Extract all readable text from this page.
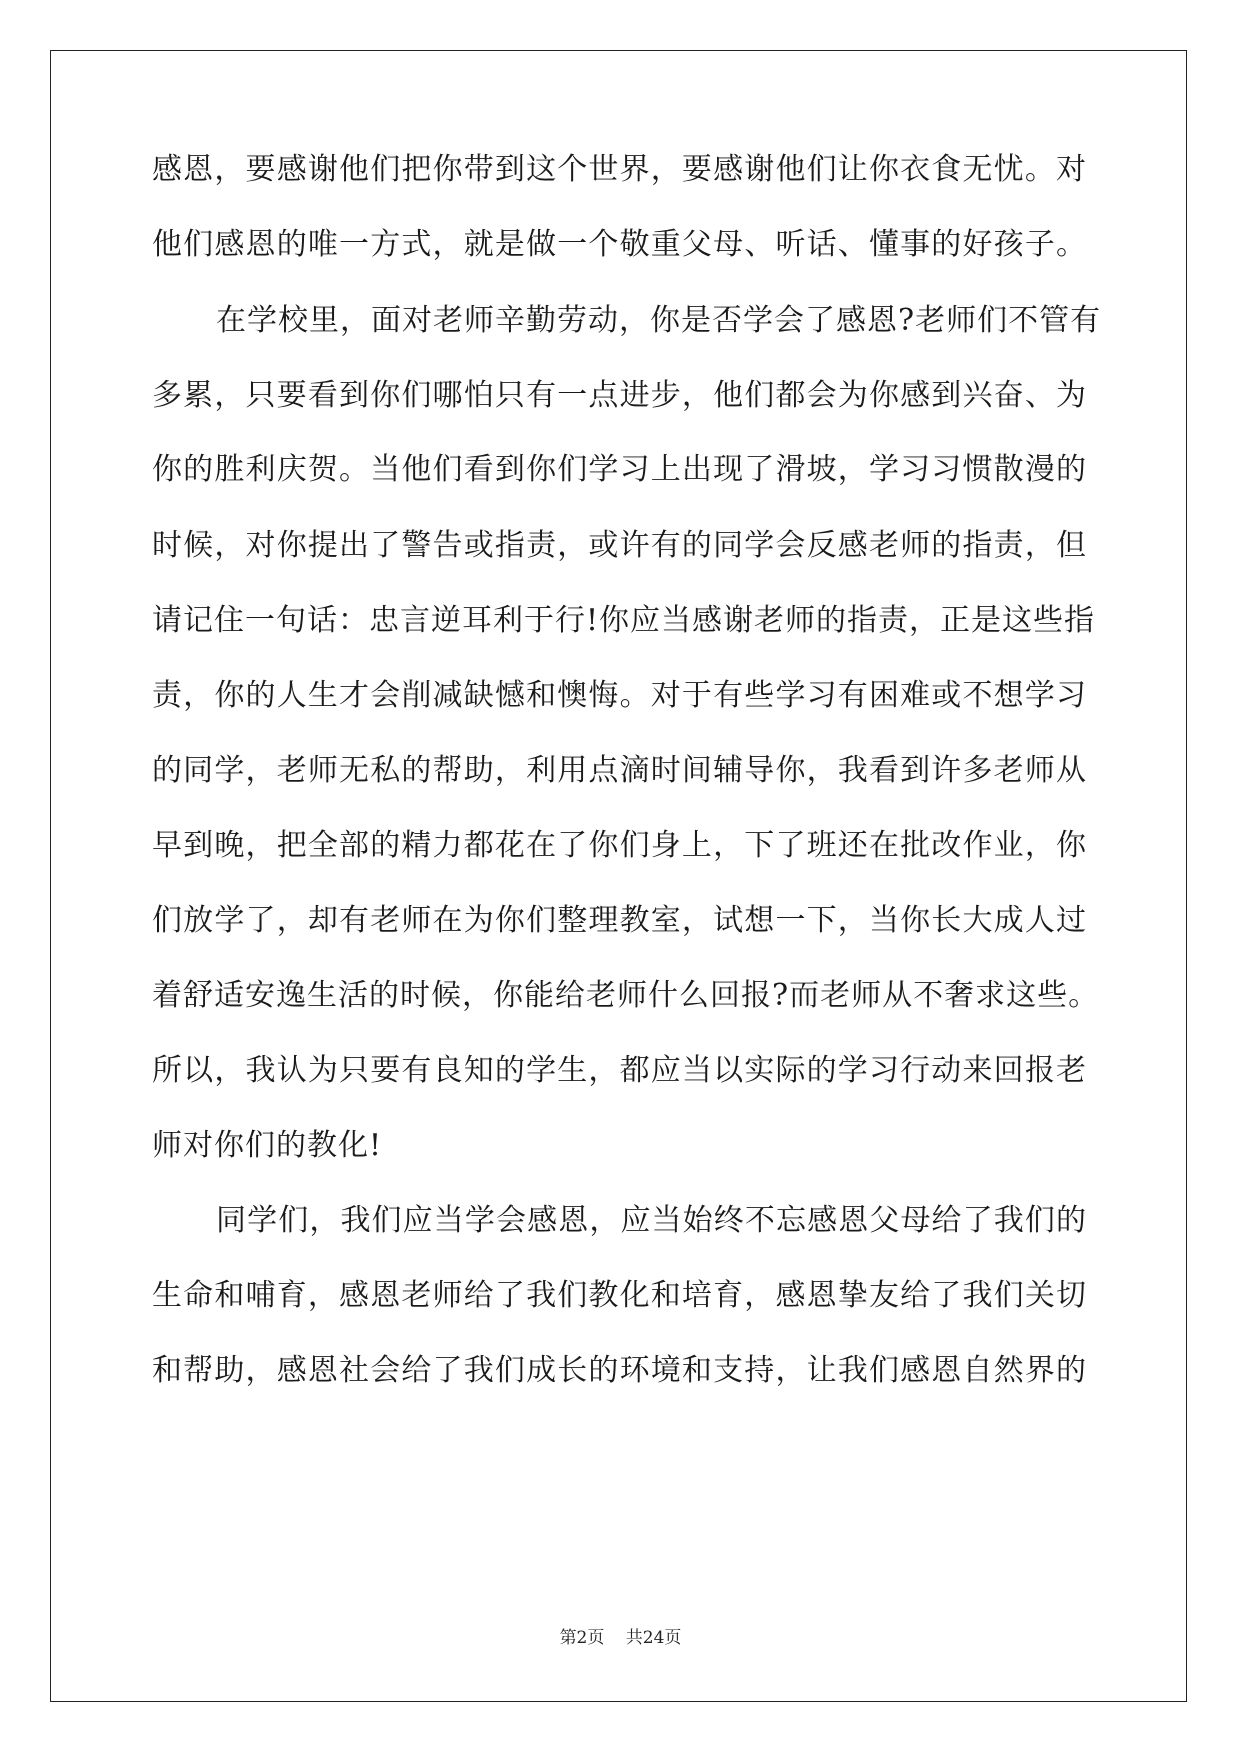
感恩，要感谢他们把你带到这个世界，要感谢他们让你衣食无忧。对
他们感恩的唯一方式，就是做一个敬重父母、听话、懂事的好孩子。
在学校里，面对老师辛勤劳动，你是否学会了感恩?老师们不管有
多累，只要看到你们哪怕只有一点进步，他们都会为你感到兴奋、为
你的胜利庆贺。当他们看到你们学习上出现了滑坡，学习习惯散漫的
时候，对你提出了警告或指责，或许有的同学会反感老师的指责，但
请记住一句话：忠言逆耳利于行!你应当感谢老师的指责，正是这些指
责，你的人生才会削减缺憾和懊悔。对于有些学习有困难或不想学习
的同学，老师无私的帮助，利用点滴时间辅导你，我看到许多老师从
早到晚，把全部的精力都花在了你们身上，下了班还在批改作业，你
们放学了，却有老师在为你们整理教室，试想一下，当你长大成人过
着舒适安逸生活的时候，你能给老师什么回报?而老师从不奢求这些。
所以，我认为只要有良知的学生，都应当以实际的学习行动来回报老
师对你们的教化!
同学们，我们应当学会感恩，应当始终不忘感恩父母给了我们的
生命和哺育，感恩老师给了我们教化和培育，感恩挚友给了我们关切
和帮助，感恩社会给了我们成长的环境和支持，让我们感恩自然界的
第2页 共24页
